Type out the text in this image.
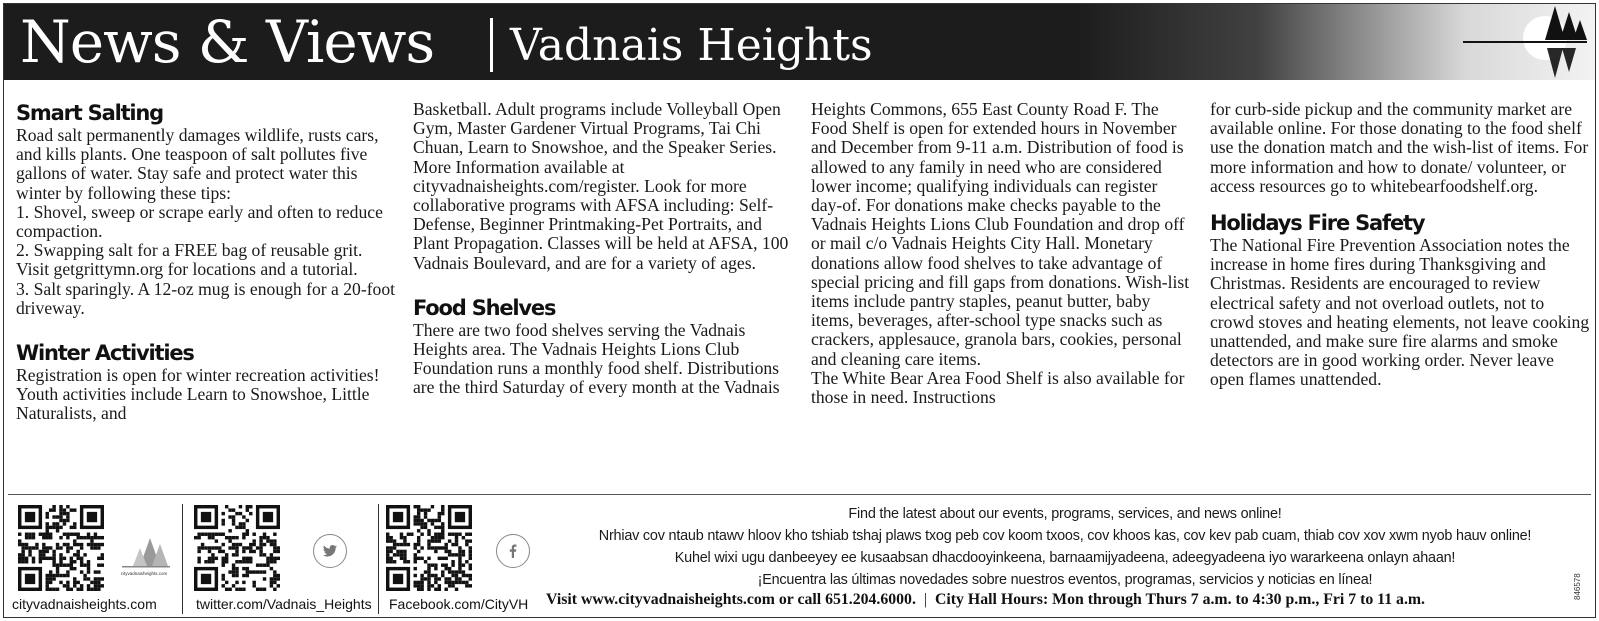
News & Views Vadnais Heights
Smart Salting

Road salt permanently damages wildlife, rusts cars, and kills plants. One teaspoon of salt pollutes five gallons of water. Stay safe and protect water this winter by following these tips:

1. Shovel, sweep or scrape early and often to reduce compaction.

2. Swapping salt for a FREE bag of reusable grit. Visit getgrittymn.org for locations and a tutorial.

3. Salt sparingly. A 12-oz mug is enough for a 20-foot driveway.

Winter Activities

Registration is open for winter recreation activities! Youth activities include Learn to Snowshoe, Little Naturalists, and

Basketball. Adult programs include Volleyball Open Gym, Master Gardener Virtual Programs, Tai Chi Chuan, Learn to Snowshoe, and the Speaker Series. More Information available at cityvadnaisheights.com/register. Look for more collaborative programs with AFSA including: Self-Defense, Beginner Printmaking-Pet Portraits, and Plant Propagation. Classes will be held at AFSA, 100 Vadnais Boulevard, and are for a variety of ages.

Food Shelves

There are two food shelves serving the Vadnais Heights area. The Vadnais Heights Lions Club Foundation runs a monthly food shelf. Distributions are the third Saturday of every month at the Vadnais

Heights Commons, 655 East County Road F. The Food Shelf is open for extended hours in November and December from 9-11 a.m. Distribution of food is allowed to any family in need who are considered lower income; qualifying individuals can register day-of. For donations make checks payable to the Vadnais Heights Lions Club Foundation and drop off or mail c/o Vadnais Heights City Hall. Monetary donations allow food shelves to take advantage of special pricing and fill gaps from donations. Wish-list items include pantry staples, peanut butter, baby items, beverages, after-school type snacks such as crackers, applesauce, granola bars, cookies, personal and cleaning care items.

The White Bear Area Food Shelf is also available for those in need. Instructions

for curb-side pickup and the community market are available online. For those donating to the food shelf use the donation match and the wish-list of items. For more information and how to donate/ volunteer, or access resources go to whitebearfoodshelf.org.

Holidays Fire Safety

The National Fire Prevention Association notes the increase in home fires during Thanksgiving and Christmas. Residents are encouraged to review electrical safety and not overload outlets, not to crowd stoves and heating elements, not leave cooking unattended, and make sure fire alarms and smoke detectors are in good working order. Never leave open flames unattended.

cityvadnaisheights.com
cityvadnaisheights.com	twitter.com/Vadnais_Heights Facebook.com/CityVH
Find the latest about our events, programs, services, and news online!
Nrhiav cov ntaub ntawv hloov kho tshiab tshaj plaws txog peb cov koom txoos, cov khoos kas, cov kev pab cuam, thiab cov xov xwm nyob hauv online!
Kuhel wixi ugu danbeeyey ee kusaabsan dhacdooyinkeena, barnaamijyadeena, adeegyadeena iyo wararkeena onlayn ahaan!
¡Encuentra las últimas novedades sobre nuestros eventos, programas, servicios y noticias en línea!
Visit www.cityvadnaisheights.com or call 651.204.6000. | City Hall Hours: Mon through Thurs 7 a.m. to 4:30 p.m., Fri 7 to 11 a.m.	846578
